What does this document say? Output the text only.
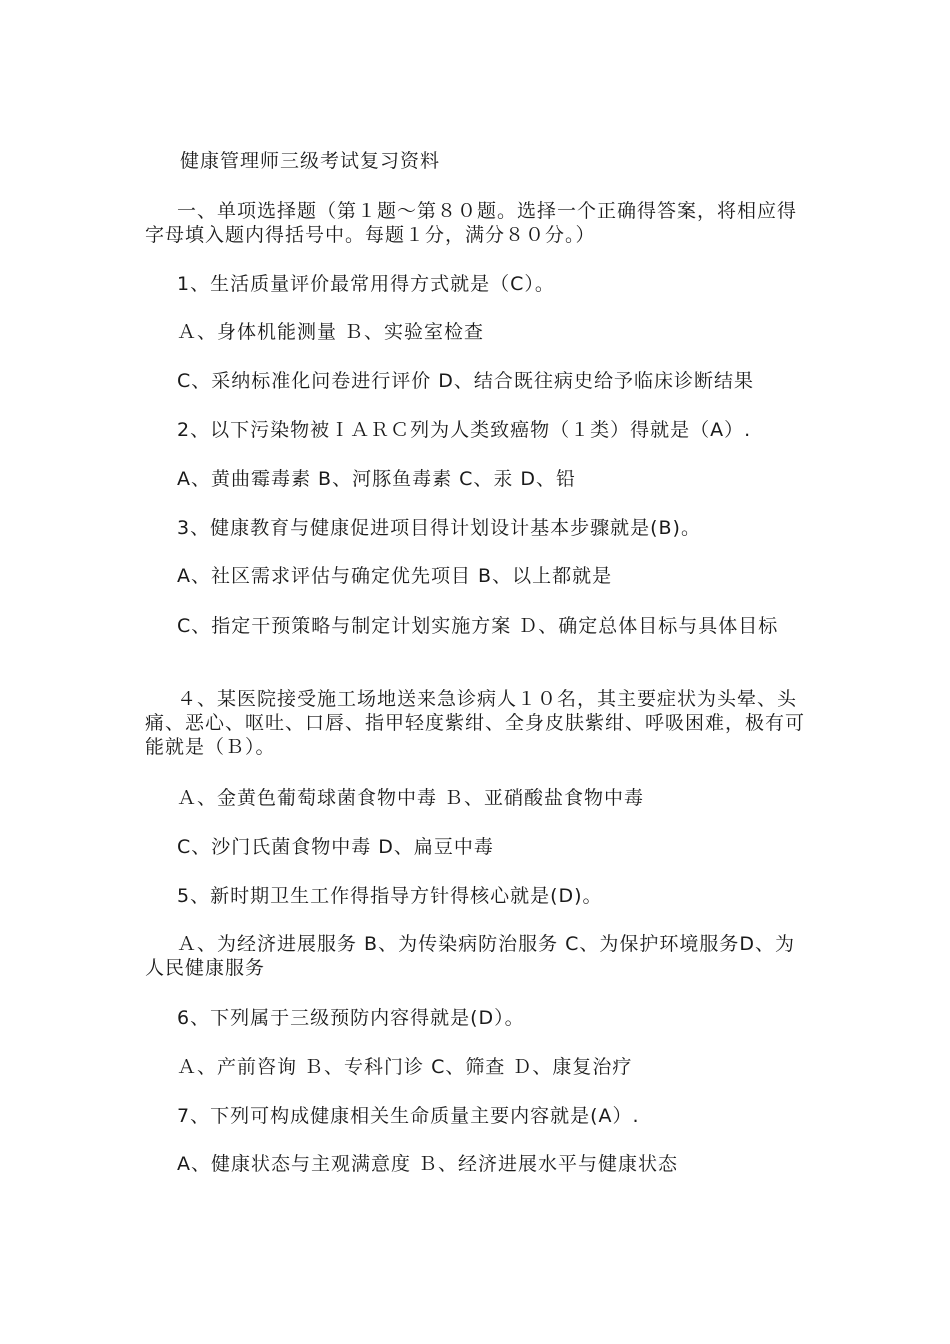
健康管理师三级考试复习资料
一、单项选择题（第１题～第８０题。选择一个正确得答案，将相应得字母填入题内得括号中。每题１分，满分８０分。）
1、生活质量评价最常用得方式就是（C）。
Ａ、身体机能测量 Ｂ、实验室检查
C、采纳标准化问卷进行评价 D、结合既往病史给予临床诊断结果
2、以下污染物被ＩＡＲＣ列为人类致癌物（１类）得就是（A）.
A、黄曲霉毒素 B、河豚鱼毒素 C、汞 D、铅
3、健康教育与健康促进项目得计划设计基本步骤就是(B)。
A、社区需求评估与确定优先项目 B、以上都就是
C、指定干预策略与制定计划实施方案 Ｄ、确定总体目标与具体目标
４、某医院接受施工场地送来急诊病人１０名，其主要症状为头晕、头痛、恶心、呕吐、口唇、指甲轻度紫绀、全身皮肤紫绀、呼吸困难，极有可能就是（Ｂ）。
Ａ、金黄色葡萄球菌食物中毒 Ｂ、亚硝酸盐食物中毒
C、沙门氏菌食物中毒 D、扁豆中毒
5、新时期卫生工作得指导方针得核心就是(D)。
Ａ、为经济进展服务 B、为传染病防治服务 C、为保护环境服务D、为人民健康服务
6、下列属于三级预防内容得就是(D）。
Ａ、产前咨询 Ｂ、专科门诊 C、筛查 Ｄ、康复治疗
7、下列可构成健康相关生命质量主要内容就是(A）.
A、健康状态与主观满意度 Ｂ、经济进展水平与健康状态
